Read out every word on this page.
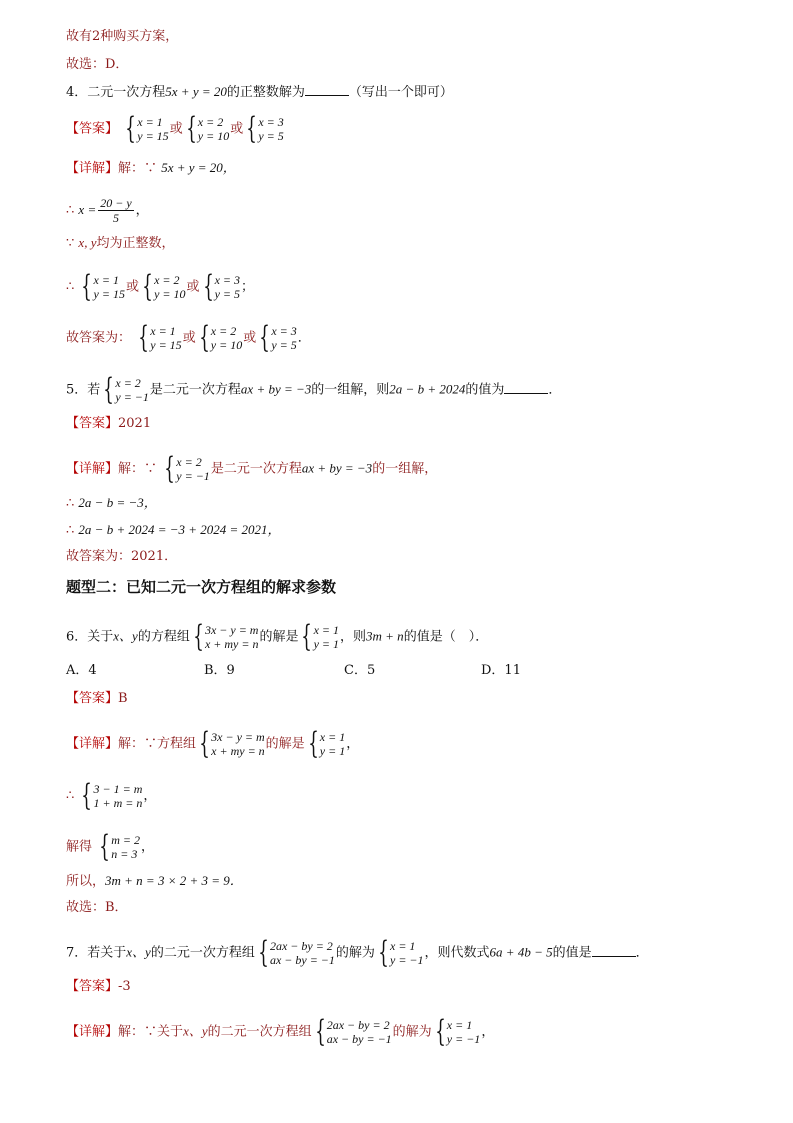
故有2种购买方案，
故选：D．
4．二元一次方程5x + y = 20的正整数解为	（写出一个即可）
【答案】 { x = 1
y = 15 或 { x = 2
y = 10 或 { x = 3
y = 5
【详解】解：∵ 5x + y = 20，
∴ $x = \frac{20 - y}{5}$ ，
∵ x, y均为正整数，
∴ { x = 1
y = 15 或 { x = 2
y = 10 或 { x = 3
y = 5 ；
故答案为： { x = 1
y = 15 或 { x = 2
y = 10 或 { x = 3
y = 5 ．
5．若 { x = 2
y = −1 是二元一次方程ax + by = −3的一组解，则2a − b + 2024的值为	．
【答案】2021
【详解】解：∵ { x = 2
y = −1 是二元一次方程ax + by = −3的一组解，
∴ 2a − b = −3，
∴ 2a − b + 2024 = −3 + 2024 = 2021，
故答案为：2021．
题型二：已知二元一次方程组的解求参数
6．关于x、y的方程组 { 3x − y = m
x + my = n 的解是 { x = 1
y = 1 ，则3m + n的值是（　）．
A．4	B．9	C．5	D．11
【答案】B
【详解】解：∵方程组 { 3x − y = m
x + my = n 的解是 { x = 1
y = 1 ，
∴ { 3 − 1 = m
1 + m = n ，
解得 { m = 2
n = 3 ，
所以，3m + n = 3 × 2 + 3 = 9．
故选：B．
7．若关于x、y的二元一次方程组 { 2ax − by = 2
ax − by = −1 的解为 { x = 1
y = −1 ，则代数式6a + 4b − 5的值是	．
【答案】-3
【详解】解：∵关于x、y的二元一次方程组 { 2ax − by = 2
ax − by = −1 的解为 { x = 1
y = −1 ，
